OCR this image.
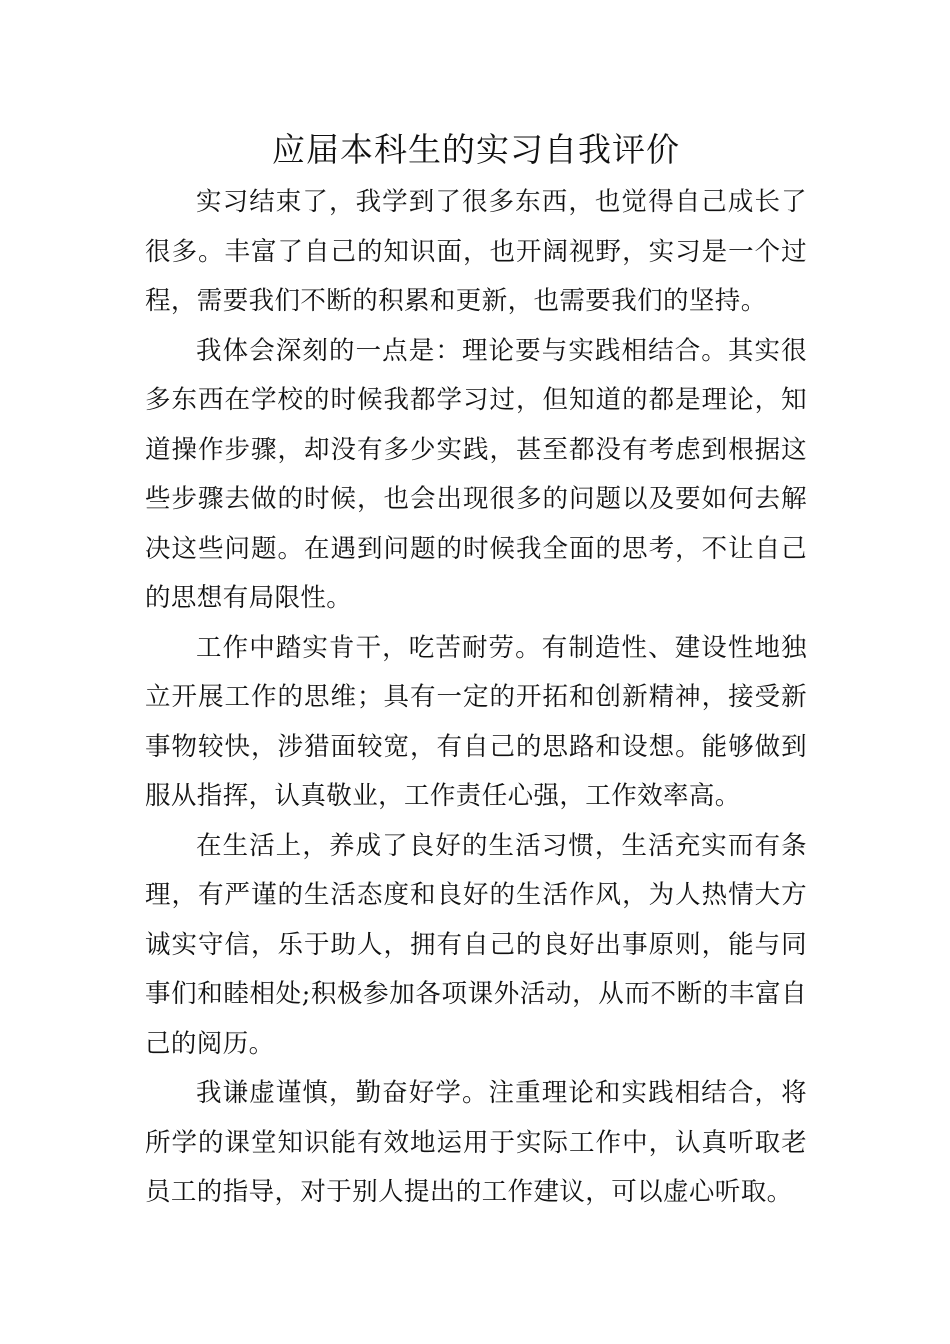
应届本科生的实习自我评价

实习结束了，我学到了很多东西，也觉得自己成长了很多。丰富了自己的知识面，也开阔视野，实习是一个过程，需要我们不断的积累和更新，也需要我们的坚持。

我体会深刻的一点是：理论要与实践相结合。其实很多东西在学校的时候我都学习过，但知道的都是理论，知道操作步骤，却没有多少实践，甚至都没有考虑到根据这些步骤去做的时候，也会出现很多的问题以及要如何去解决这些问题。在遇到问题的时候我全面的思考，不让自己的思想有局限性。

工作中踏实肯干，吃苦耐劳。有制造性、建设性地独立开展工作的思维；具有一定的开拓和创新精神，接受新事物较快，涉猎面较宽，有自己的思路和设想。能够做到服从指挥，认真敬业，工作责任心强，工作效率高。

在生活上，养成了良好的生活习惯，生活充实而有条理，有严谨的生活态度和良好的生活作风，为人热情大方诚实守信，乐于助人，拥有自己的良好出事原则，能与同事们和睦相处;积极参加各项课外活动，从而不断的丰富自己的阅历。

我谦虚谨慎，勤奋好学。注重理论和实践相结合，将所学的课堂知识能有效地运用于实际工作中，认真听取老员工的指导，对于别人提出的工作建议，可以虚心听取。
